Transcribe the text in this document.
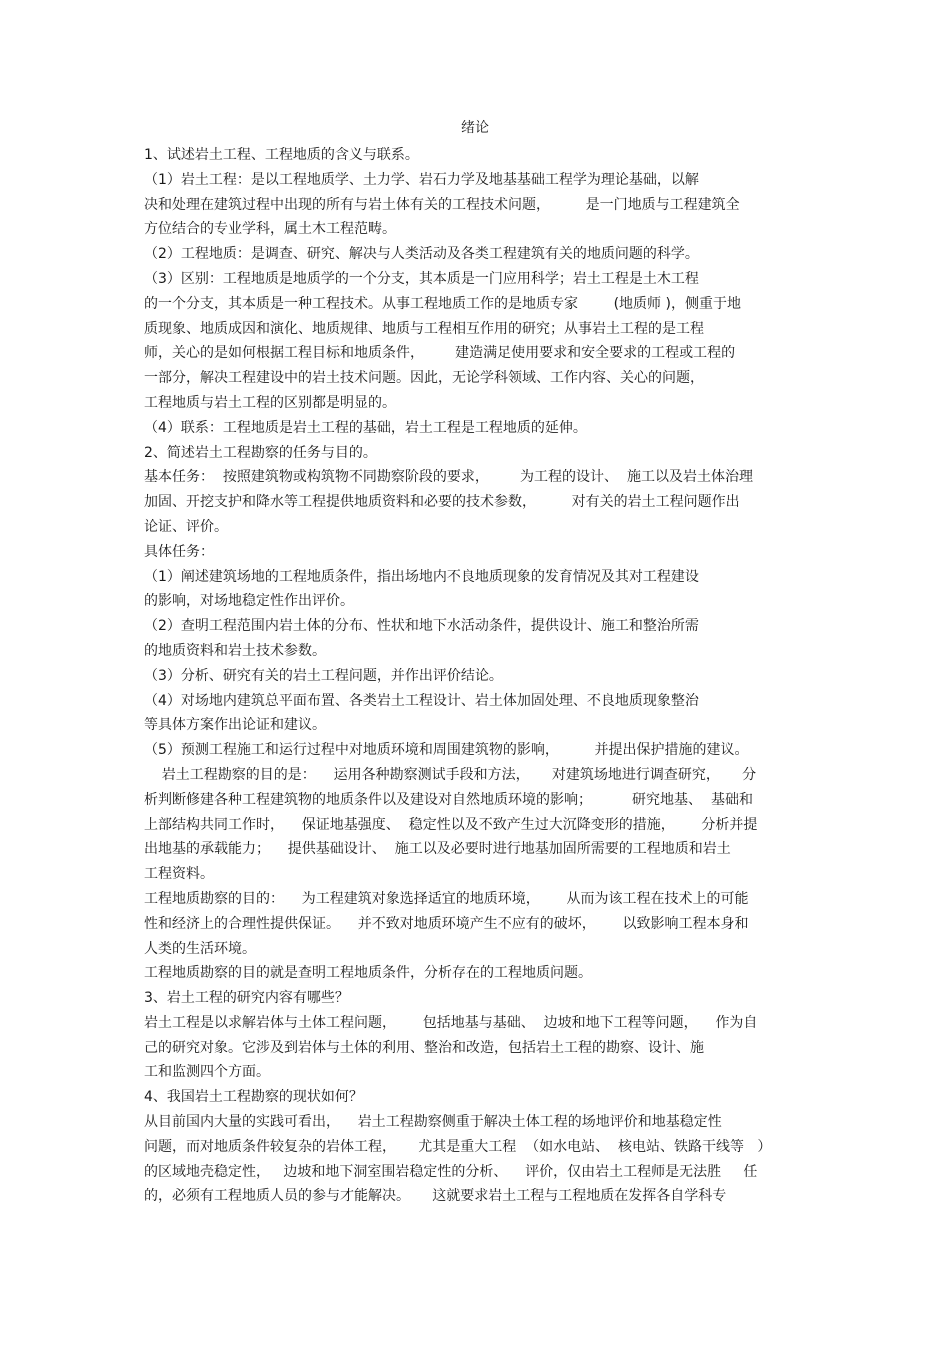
绪论
1、试述岩土工程、工程地质的含义与联系。
（1）岩土工程：是以工程地质学、土力学、岩石力学及地基基础工程学为理论基础，以解
决和处理在建筑过程中出现的所有与岩土体有关的工程技术问题，        是一门地质与工程建筑全
方位结合的专业学科，属土木工程范畴。
（2）工程地质：是调查、研究、解决与人类活动及各类工程建筑有关的地质问题的科学。
（3）区别：工程地质是地质学的一个分支，其本质是一门应用科学；岩土工程是土木工程
的一个分支，其本质是一种工程技术。从事工程地质工作的是地质专家        (地质师 )，侧重于地
质现象、地质成因和演化、地质规律、地质与工程相互作用的研究；从事岩土工程的是工程
师，关心的是如何根据工程目标和地质条件，       建造满足使用要求和安全要求的工程或工程的
一部分，解决工程建设中的岩土技术问题。因此，无论学科领域、工作内容、关心的问题，
工程地质与岩土工程的区别都是明显的。
（4）联系：工程地质是岩土工程的基础，岩土工程是工程地质的延伸。
2、简述岩土工程勘察的任务与目的。
基本任务：  按照建筑物或构筑物不同勘察阶段的要求，       为工程的设计、  施工以及岩土体治理
加固、开挖支护和降水等工程提供地质资料和必要的技术参数，        对有关的岩土工程问题作出
论证、评价。
具体任务：
（1）阐述建筑场地的工程地质条件，指出场地内不良地质现象的发育情况及其对工程建设
的影响，对场地稳定性作出评价。
（2）查明工程范围内岩土体的分布、性状和地下水活动条件，提供设计、施工和整治所需
的地质资料和岩土技术参数。
（3）分析、研究有关的岩土工程问题，并作出评价结论。
（4）对场地内建筑总平面布置、各类岩土工程设计、岩土体加固处理、不良地质现象整治
等具体方案作出论证和建议。
（5）预测工程施工和运行过程中对地质环境和周围建筑物的影响，        并提出保护措施的建议。
岩土工程勘察的目的是：    运用各种勘察测试手段和方法，     对建筑场地进行调查研究，     分
析判断修建各种工程建筑物的地质条件以及建设对自然地质环境的影响；         研究地基、  基础和
上部结构共同工作时，    保证地基强度、  稳定性以及不致产生过大沉降变形的措施，      分析并提
出地基的承载能力；    提供基础设计、  施工以及必要时进行地基加固所需要的工程地质和岩土
工程资料。
工程地质勘察的目的：    为工程建筑对象选择适宜的地质环境，      从而为该工程在技术上的可能
性和经济上的合理性提供保证。    并不致对地质环境产生不应有的破坏，      以致影响工程本身和
人类的生活环境。
工程地质勘察的目的就是查明工程地质条件，分析存在的工程地质问题。
3、岩土工程的研究内容有哪些？
岩土工程是以求解岩体与土体工程问题，      包括地基与基础、  边坡和地下工程等问题，    作为自
己的研究对象。它涉及到岩体与土体的利用、整治和改造，包括岩土工程的勘察、设计、施
工和监测四个方面。
4、我国岩土工程勘察的现状如何？
从目前国内大量的实践可看出，    岩土工程勘察侧重于解决土体工程的场地评价和地基稳定性
问题，而对地质条件较复杂的岩体工程，     尤其是重大工程  （如水电站、  核电站、铁路干线等   ）
的区域地壳稳定性，   边坡和地下洞室围岩稳定性的分析、    评价，仅由岩土工程师是无法胜     任
的，必须有工程地质人员的参与才能解决。     这就要求岩土工程与工程地质在发挥各自学科专
